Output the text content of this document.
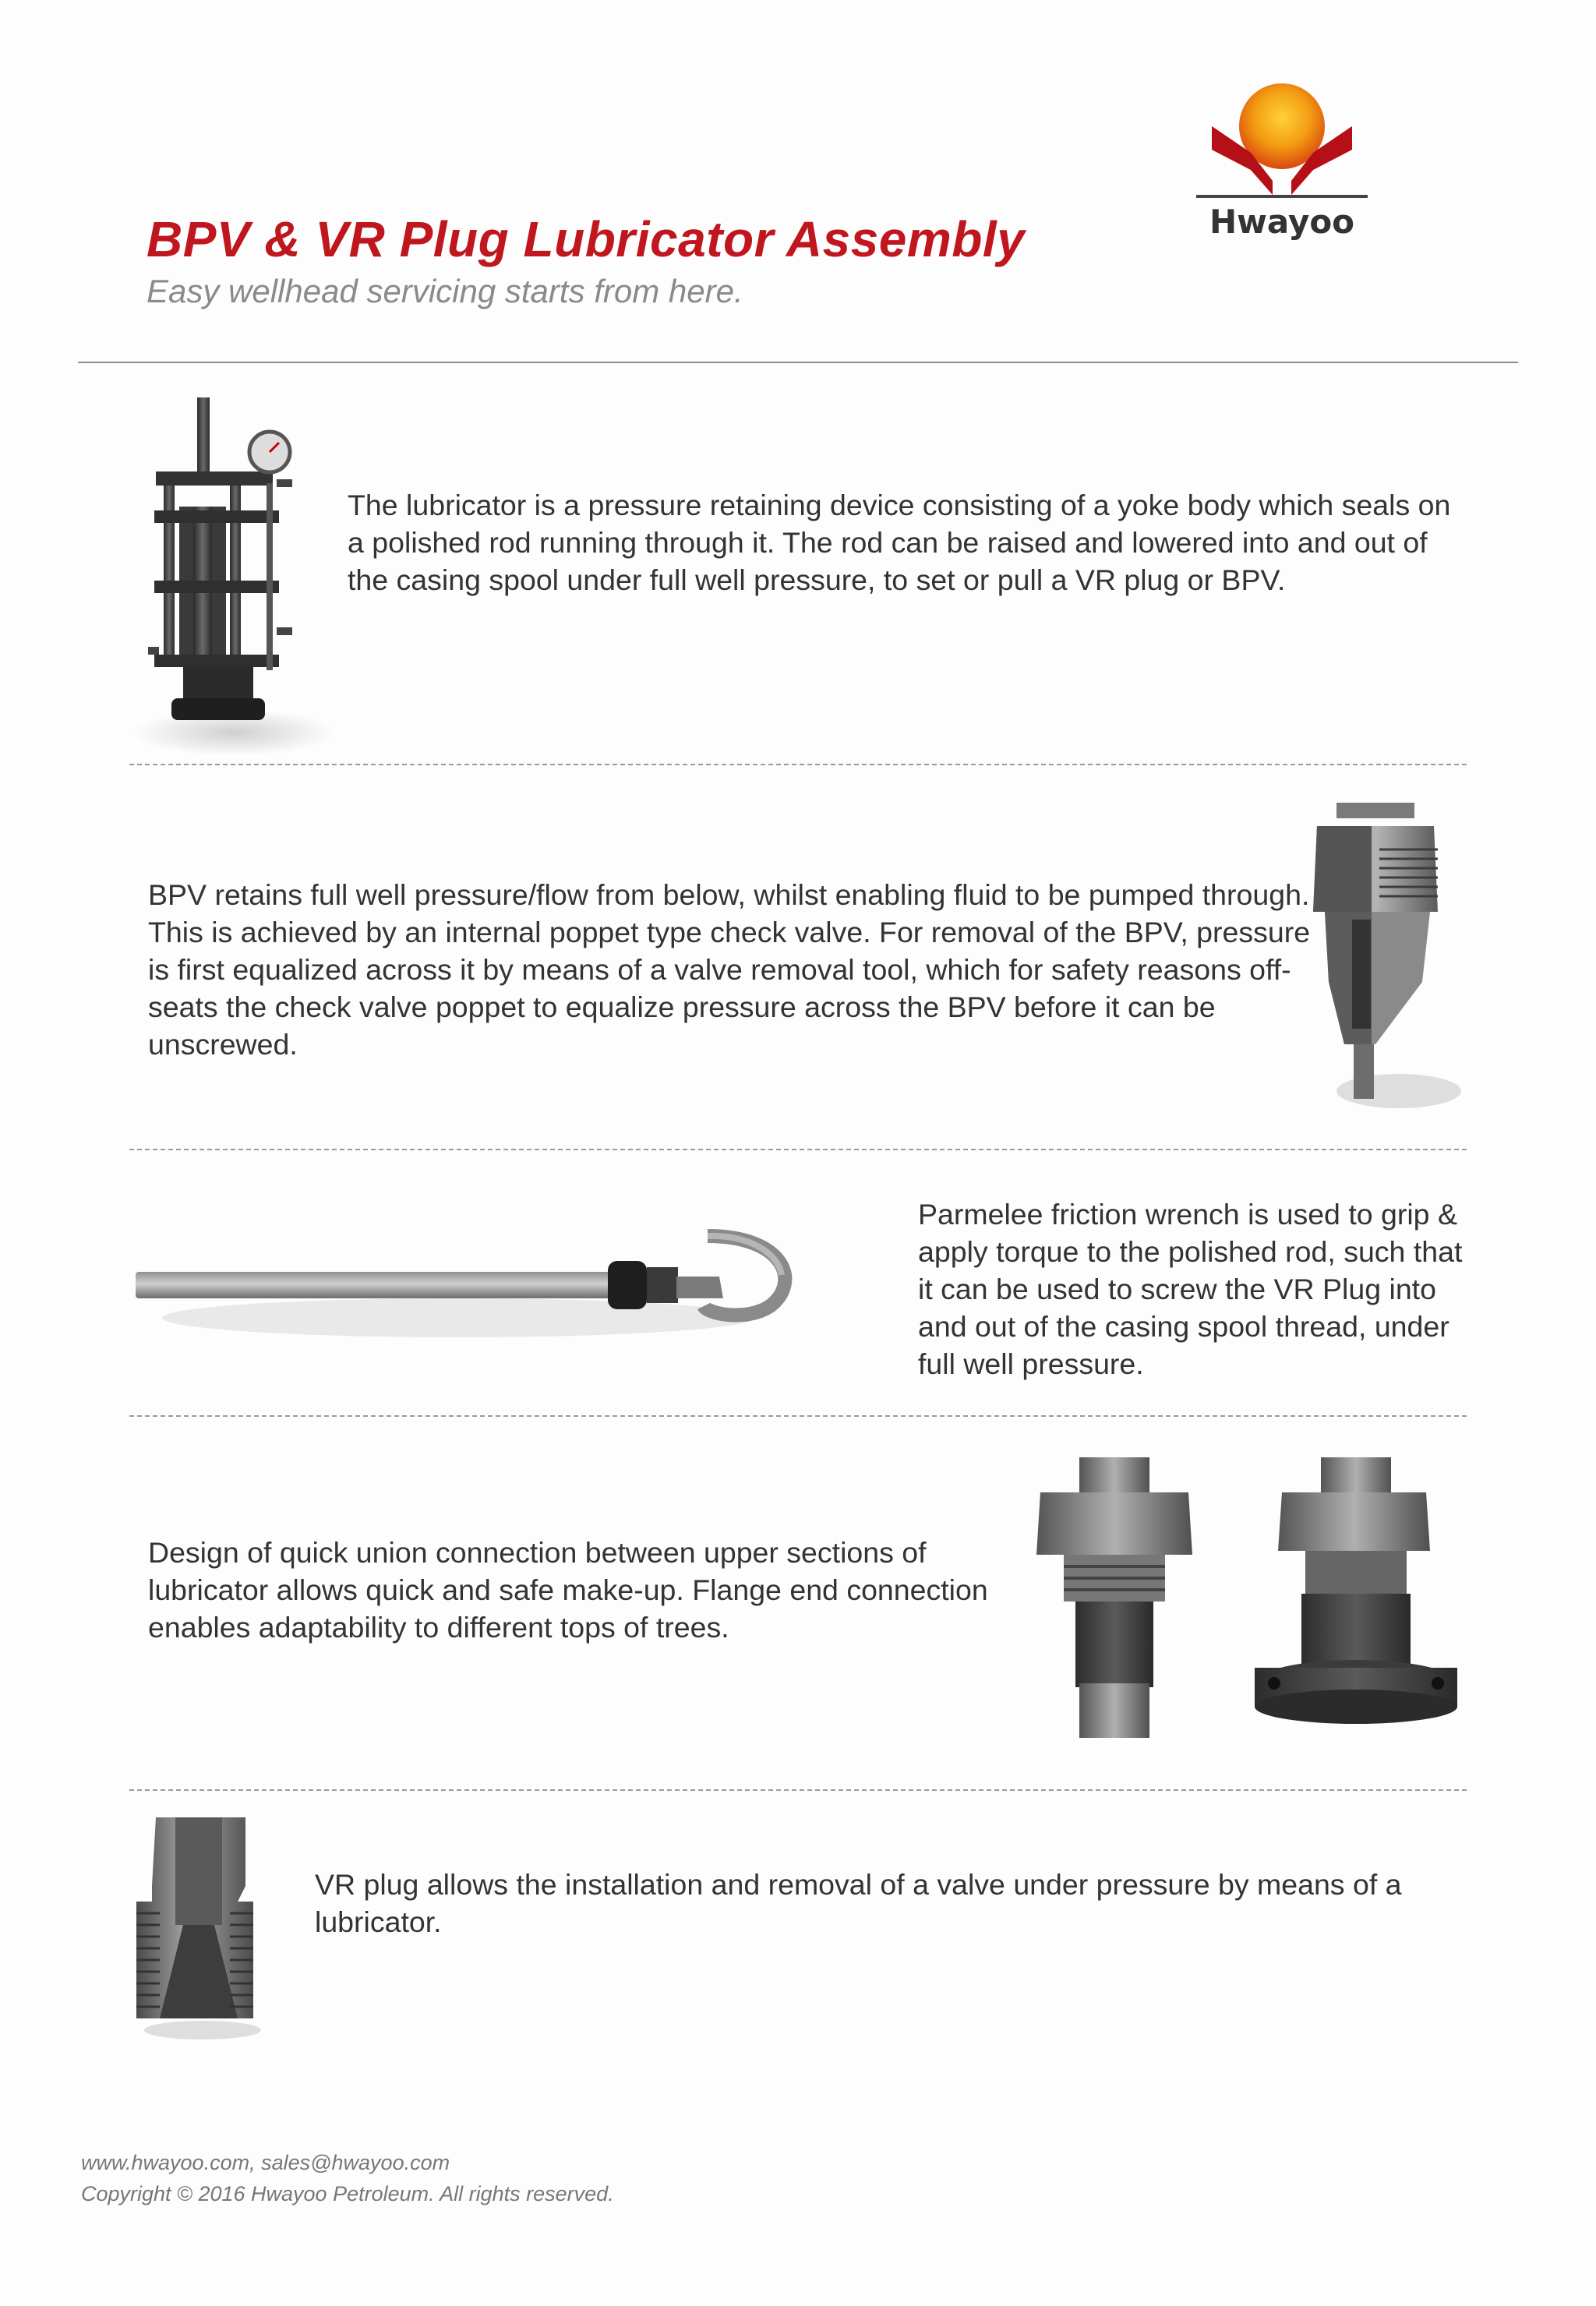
BPV & VR Plug Lubricator Assembly

Easy wellhead servicing starts from here.

Hwayoo

The lubricator is a pressure retaining device consisting of a yoke body which seals on a polished rod running through it. The rod can be raised and lowered into and out of the casing spool under full well pressure, to set or pull a VR plug or BPV.

BPV retains full well pressure/flow from below, whilst enabling fluid to be pumped through. This is achieved by an internal poppet type check valve. For removal of the BPV, pressure is first equalized across it by means of a valve removal tool, which for safety reasons off-seats the check valve poppet to equalize pressure across the BPV before it can be unscrewed.

Parmelee friction wrench is used to grip & apply torque to the polished rod, such that it can be used to screw the VR Plug into and out of the casing spool thread, under full well pressure.

Design of quick union connection between upper sections of lubricator allows quick and safe make-up. Flange end connection enables adaptability to different tops of trees.

VR plug allows the installation and removal of a valve under pressure by means of a lubricator.

www.hwayoo.com, sales@hwayoo.com

Copyright © 2016 Hwayoo Petroleum. All rights reserved.
